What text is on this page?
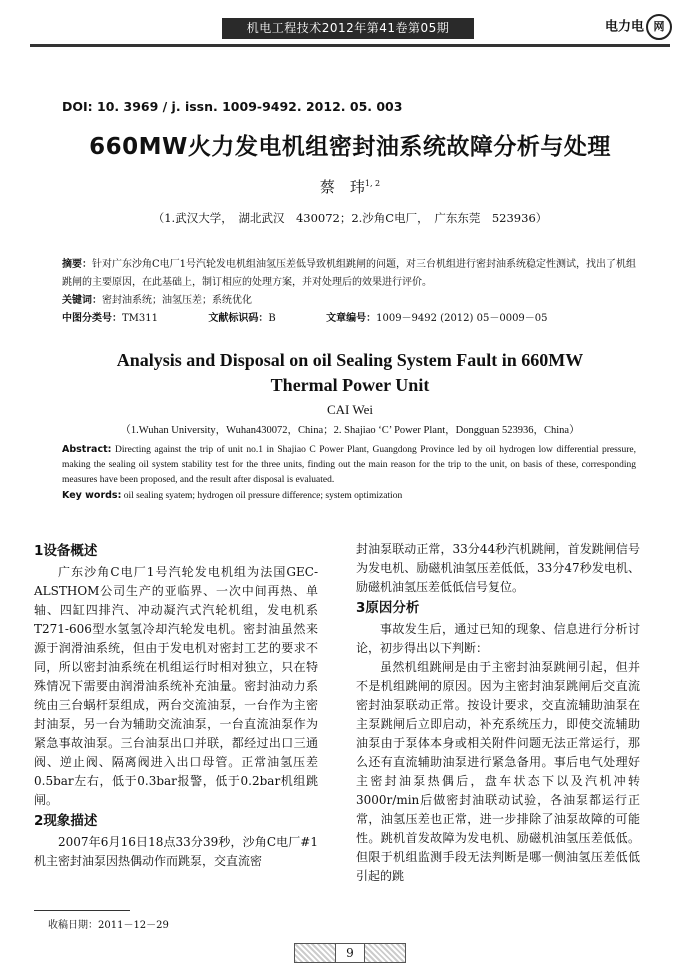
机电工程技术2012年第41卷第05期	电力电 网
DOI: 10. 3969 / j. issn. 1009-9492. 2012. 05. 003
660MW火力发电机组密封油系统故障分析与处理
蔡　玮$^{1, 2}$
（1.武汉大学，　湖北武汉　430072；2.沙角C电厂，　广东东莞　523936）
摘要：针对广东沙角C电厂1号汽轮发电机组油氢压差低导致机组跳闸的问题，对三台机组进行密封油系统稳定性测试，找出了机组跳闸的主要原因，在此基础上，制订相应的处理方案，并对处理后的效果进行评价。
关键词：密封油系统；油氢压差；系统优化
中图分类号：TM311	文献标识码：B	文章编号：1009－9492 (2012) 05－0009－05
Analysis and Disposal on oil Sealing System Fault in 660MW
Thermal Power Unit
CAI Wei
（1.Wuhan University，Wuhan430072，China；2. Shajiao ‘C’ Power Plant，Dongguan 523936，China）
Abstract: Directing against the trip of unit no.1 in Shajiao C Power Plant, Guangdong Province led by oil hydrogen low differential pressure, making the sealing oil system stability test for the three units, finding out the main reason for the trip to the unit, on basis of these, corresponding measures have been proposed, and the result after disposal is evaluated.
Key words: oil sealing syatem; hydrogen oil pressure difference; system optimization
1设备概述

广东沙角C电厂1号汽轮发电机组为法国GEC-ALSTHOM公司生产的亚临界、一次中间再热、单轴、四缸四排汽、冲动凝汽式汽轮机组，发电机系T271-606型水氢氢冷却汽轮发电机。密封油虽然来源于润滑油系统，但由于发电机对密封工艺的要求不同，所以密封油系统在机组运行时相对独立，只在特殊情况下需要由润滑油系统补充油量。密封油动力系统由三台蜗杆泵组成，两台交流油泵，一台作为主密封油泵，另一台为辅助交流油泵，一台直流油泵作为紧急事故油泵。三台油泵出口并联，都经过出口三通阀、逆止阀、隔离阀进入出口母管。正常油氢压差0.5bar左右，低于0.3bar报警，低于0.2bar机组跳闸。

2现象描述

2007年6月16日18点33分39秒，沙角C电厂#1机主密封油泵因热偶动作而跳泵，交直流密

封油泵联动正常，33分44秒汽机跳闸，首发跳闸信号为发电机、励磁机油氢压差低低，33分47秒发电机、励磁机油氢压差低低信号复位。

3原因分析

事故发生后，通过已知的现象、信息进行分析讨论，初步得出以下判断：

虽然机组跳闸是由于主密封油泵跳闸引起，但并不是机组跳闸的原因。因为主密封油泵跳闸后交直流密封油泵联动正常。按设计要求，交直流辅助油泵在主泵跳闸后立即启动，补充系统压力，即使交流辅助油泵由于泵体本身或相关附件问题无法正常运行，那么还有直流辅助油泵进行紧急备用。事后电气处理好主密封油泵热偶后，盘车状态下以及汽机冲转3000r/min后做密封油联动试验，各油泵都运行正常，油氢压差也正常，进一步排除了油泵故障的可能性。跳机首发故障为发电机、励磁机油氢压差低低。但限于机组监测手段无法判断是哪一侧油氢压差低低引起的跳

收稿日期：2011－12－29
9
